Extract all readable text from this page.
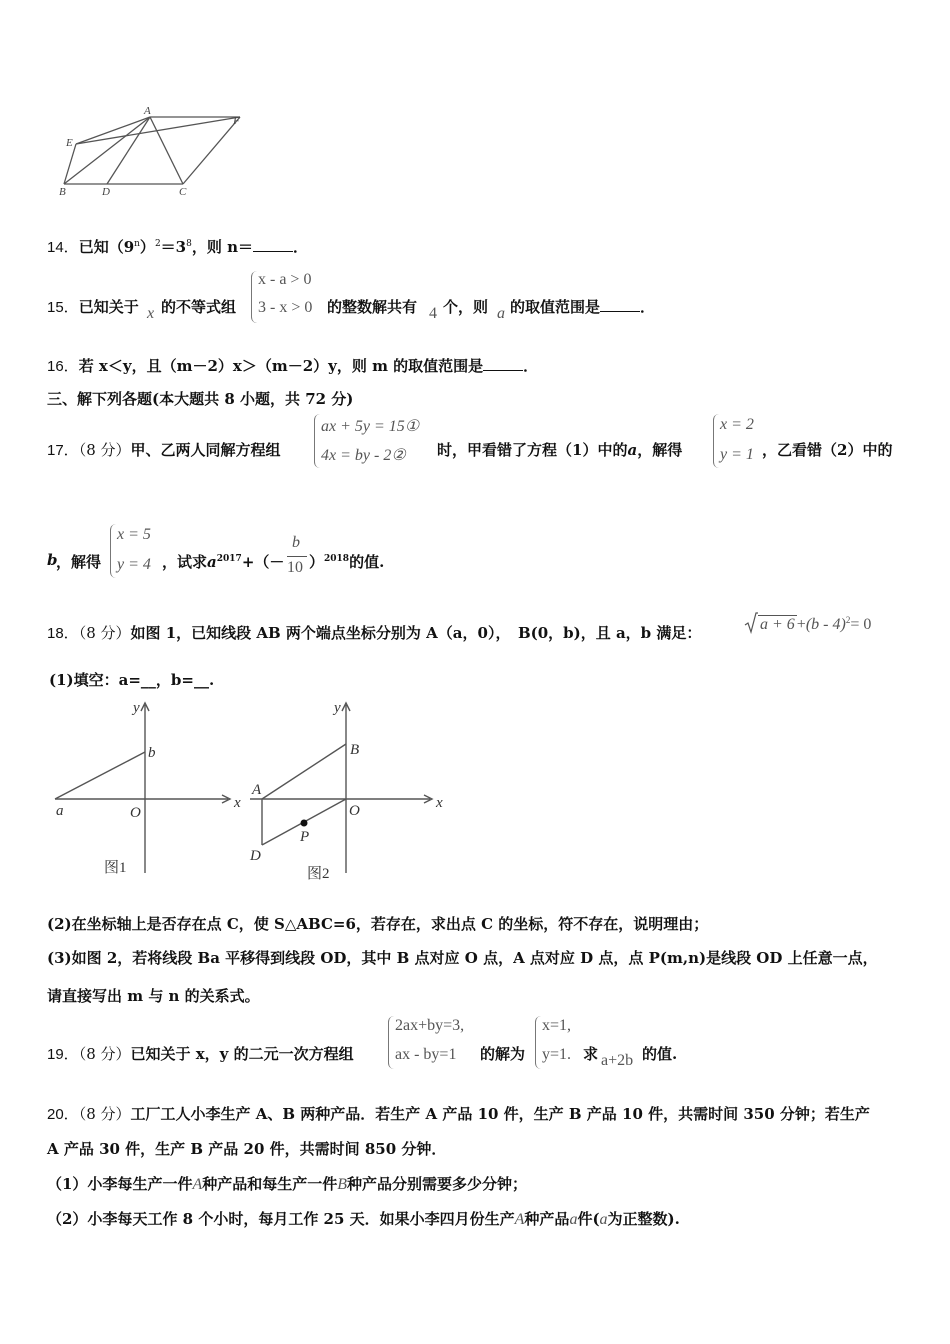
A
E
F
B	D	C
14．已知$(9^n)^2=3^8$，则 n＝	．
15．已知关于 x 的不等式组
x - a > 0
3 - x > 0 的整数解共有 4 个，则 a 的取值范围是	．
16．若 x＜y，且（m－2）x＞（m－2）y，则 m 的取值范围是	．
三、解下列各题(本大题共 8 小题，共 72 分)
17．（8 分）甲、乙两人同解方程组
ax + 5y = 15①
4x = by - 2② 时，甲看错了方程（1）中的a，解得
x = 2
y = 1 ，乙看错（2）中的
b
，解得
x = 5
y = 4 ，试求$a^{2017}+(-$
b
10 ）$^{2018}$的值.
18．（8 分）如图 1，已知线段 AB 两个端点坐标分别为 A（a，0），　B(0，b)，且 a，b 满足：	a + 6 +(b - 4)$^2$= 0
(1)填空：a=__，b=__.
y
b
a	O
x
图1
y
B
A
O	x
P
D
图2
(2)在坐标轴上是否存在点 C，使 S△ABC=6，若存在，求出点 C 的坐标，符不存在，说明理由；
(3)如图 2，若将线段 Ba 平移得到线段 OD，其中 B 点对应 O 点，A 点对应 D 点，点 P(m,n)是线段 OD 上任意一点，
请直接写出 m 与 n 的关系式。
19．（8 分）已知关于 x，y 的二元一次方程组
2ax+by=3,
ax - by=1 的解为
x=1,
y=1. 求 a+2b 的值.
20．（8 分）工厂工人小李生产 A、B 两种产品．若生产 A 产品 10 件，生产 B 产品 10 件，共需时间 350 分钟；若生产
A 产品 30 件，生产 B 产品 20 件，共需时间 850 分钟．
（1）小李每生产一件A种产品和每生产一件B种产品分别需要多少分钟；
（2）小李每天工作 8 个小时，每月工作 25 天．如果小李四月份生产A种产品a件(a为正整数).
